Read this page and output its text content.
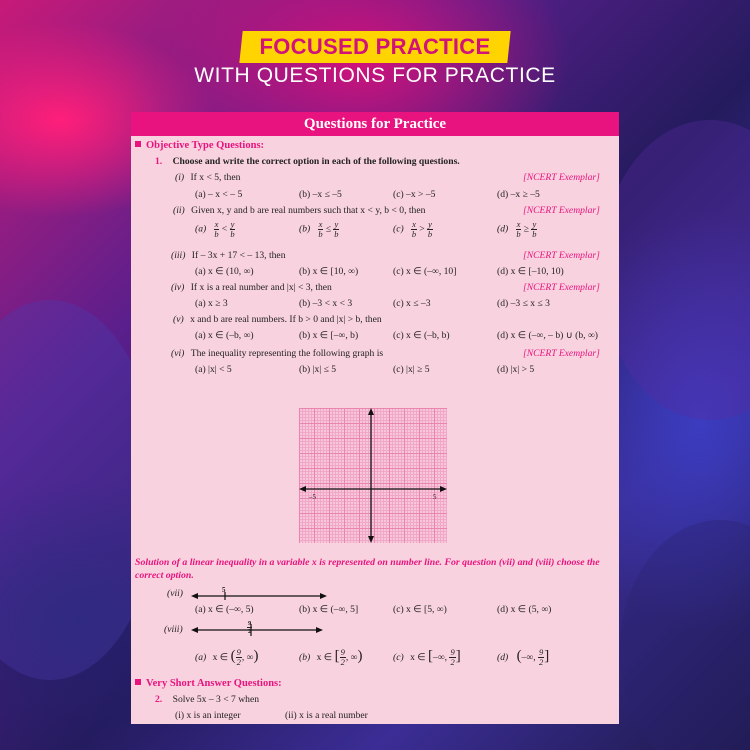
FOCUSED PRACTICE
WITH QUESTIONS FOR PRACTICE
Questions for Practice
Objective Type Questions:
1. Choose and write the correct option in each of the following questions.
(i) If x < 5, then	[NCERT Exemplar]
(a) – x < – 5	(b) –x ≤ –5	(c) –x > –5	(d) –x ≥ –5
(ii) Given x, y and b are real numbers such that x < y, b < 0, then	[NCERT Exemplar]
$(a) \frac{x}{b} < \frac{y}{b}$	$(b) \frac{x}{b} \le \frac{y}{b}$	$(c) \frac{x}{b} > \frac{y}{b}$	$(d) \frac{x}{b} \ge \frac{y}{b}$
(iii) If – 3x + 17 < – 13, then	[NCERT Exemplar]
(a) x ∈ (10, ∞)	(b) x ∈ [10, ∞)	(c) x ∈ (–∞, 10]	(d) x ∈ [–10, 10)
(iv) If x is a real number and |x| < 3, then	[NCERT Exemplar]
(a) x ≥ 3	(b) –3 < x < 3	(c) x ≤ –3	(d) –3 ≤ x ≤ 3
(v) x and b are real numbers. If b > 0 and |x| > b, then
(a) x ∈ (–b, ∞)	(b) x ∈ [–∞, b)	(c) x ∈ (–b, b)	(d) x ∈ (–∞, – b) ∪ (b, ∞)
(vi) The inequality representing the following graph is	[NCERT Exemplar]
(a) |x| < 5	(b) |x| ≤ 5	(c) |x| ≥ 5	(d) |x| > 5
–5	5
Solution of a linear inequality in a variable x is represented on number line. For question (vii) and (viii) choose the correct option.
(vii)	5
(a) x ∈ (–∞, 5)	(b) x ∈ (–∞, 5]	(c) x ∈ [5, ∞)	(d) x ∈ (5, ∞)
(viii)	$\frac{9}{2}$
(a) x ∈ ( $\frac{9}{2}$ , ∞)	(b) x ∈ [ $\frac{9}{2}$ , ∞)	(c) x ∈ [–∞, $\frac{9}{2}$ ]	(d) (–∞, $\frac{9}{2}$ ]
Very Short Answer Questions:
2. Solve 5x – 3 < 7 when
(i) x is an integer	(ii) x is a real number
